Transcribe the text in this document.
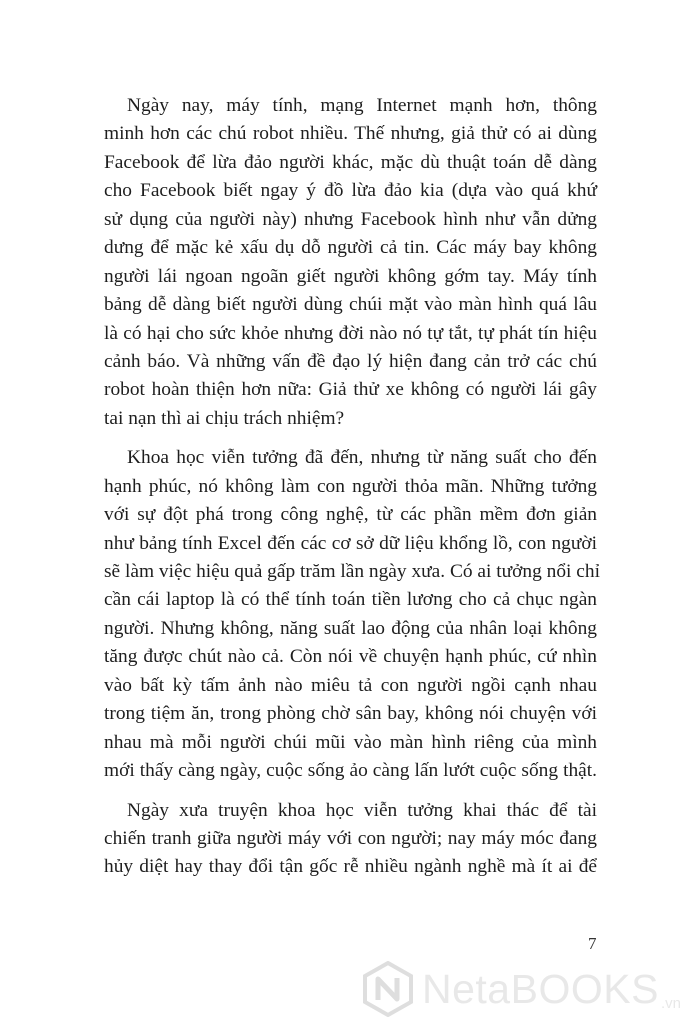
Ngày nay, máy tính, mạng Internet mạnh hơn, thông
minh hơn các chú robot nhiều. Thế nhưng, giả thử có ai dùng
Facebook để lừa đảo người khác, mặc dù thuật toán dễ dàng
cho Facebook biết ngay ý đồ lừa đảo kia (dựa vào quá khứ
sử dụng của người này) nhưng Facebook hình như vẫn dửng
dưng để mặc kẻ xấu dụ dỗ người cả tin. Các máy bay không
người lái ngoan ngoãn giết người không gớm tay. Máy tính
bảng dễ dàng biết người dùng chúi mặt vào màn hình quá lâu
là có hại cho sức khỏe nhưng đời nào nó tự tắt, tự phát tín hiệu
cảnh báo. Và những vấn đề đạo lý hiện đang cản trở các chú
robot hoàn thiện hơn nữa: Giả thử xe không có người lái gây
tai nạn thì ai chịu trách nhiệm?
Khoa học viễn tưởng đã đến, nhưng từ năng suất cho đến
hạnh phúc, nó không làm con người thỏa mãn. Những tưởng
với sự đột phá trong công nghệ, từ các phần mềm đơn giản
như bảng tính Excel đến các cơ sở dữ liệu khổng lồ, con người
sẽ làm việc hiệu quả gấp trăm lần ngày xưa. Có ai tưởng nổi chỉ
cần cái laptop là có thể tính toán tiền lương cho cả chục ngàn
người. Nhưng không, năng suất lao động của nhân loại không
tăng được chút nào cả. Còn nói về chuyện hạnh phúc, cứ nhìn
vào bất kỳ tấm ảnh nào miêu tả con người ngồi cạnh nhau
trong tiệm ăn, trong phòng chờ sân bay, không nói chuyện với
nhau mà mỗi người chúi mũi vào màn hình riêng của mình
mới thấy càng ngày, cuộc sống ảo càng lấn lướt cuộc sống thật.
Ngày xưa truyện khoa học viễn tưởng khai thác để tài
chiến tranh giữa người máy với con người; nay máy móc đang
hủy diệt hay thay đổi tận gốc rễ nhiều ngành nghề mà ít ai để
7
NetaBOOKS .vn
